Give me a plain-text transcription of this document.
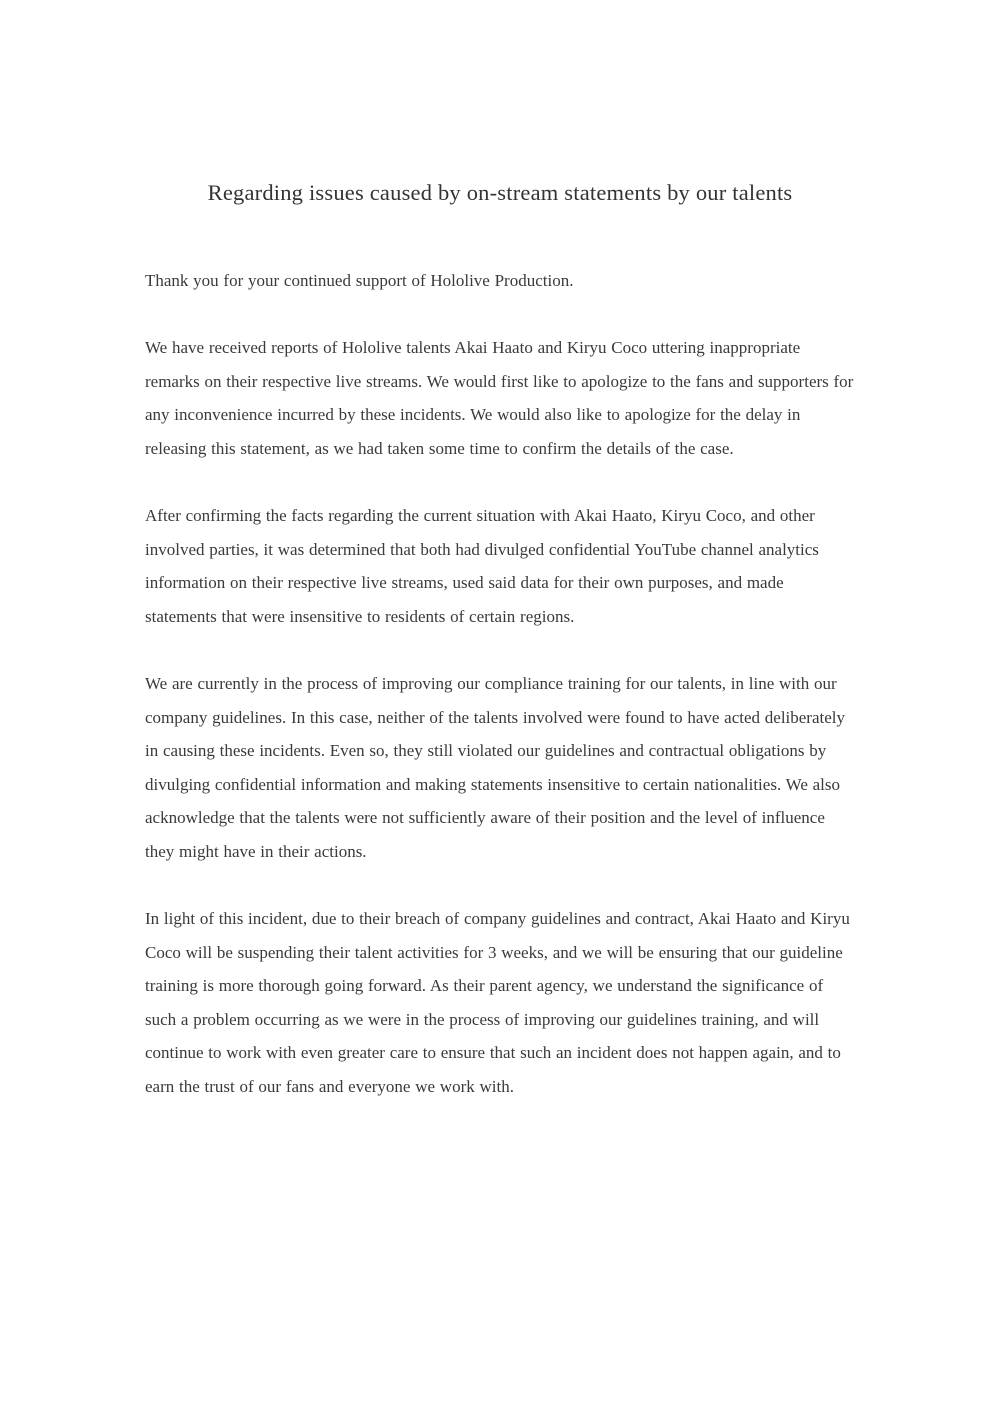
Regarding issues caused by on-stream statements by our talents

Thank you for your continued support of Hololive Production.

We have received reports of Hololive talents Akai Haato and Kiryu Coco uttering inappropriate remarks on their respective live streams. We would first like to apologize to the fans and supporters for any inconvenience incurred by these incidents. We would also like to apologize for the delay in releasing this statement, as we had taken some time to confirm the details of the case.

After confirming the facts regarding the current situation with Akai Haato, Kiryu Coco, and other involved parties, it was determined that both had divulged confidential YouTube channel analytics information on their respective live streams, used said data for their own purposes, and made statements that were insensitive to residents of certain regions.

We are currently in the process of improving our compliance training for our talents, in line with our company guidelines. In this case, neither of the talents involved were found to have acted deliberately in causing these incidents. Even so, they still violated our guidelines and contractual obligations by divulging confidential information and making statements insensitive to certain nationalities. We also acknowledge that the talents were not sufficiently aware of their position and the level of influence they might have in their actions.

In light of this incident, due to their breach of company guidelines and contract, Akai Haato and Kiryu Coco will be suspending their talent activities for 3 weeks, and we will be ensuring that our guideline training is more thorough going forward. As their parent agency, we understand the significance of such a problem occurring as we were in the process of improving our guidelines training, and will continue to work with even greater care to ensure that such an incident does not happen again, and to earn the trust of our fans and everyone we work with.
